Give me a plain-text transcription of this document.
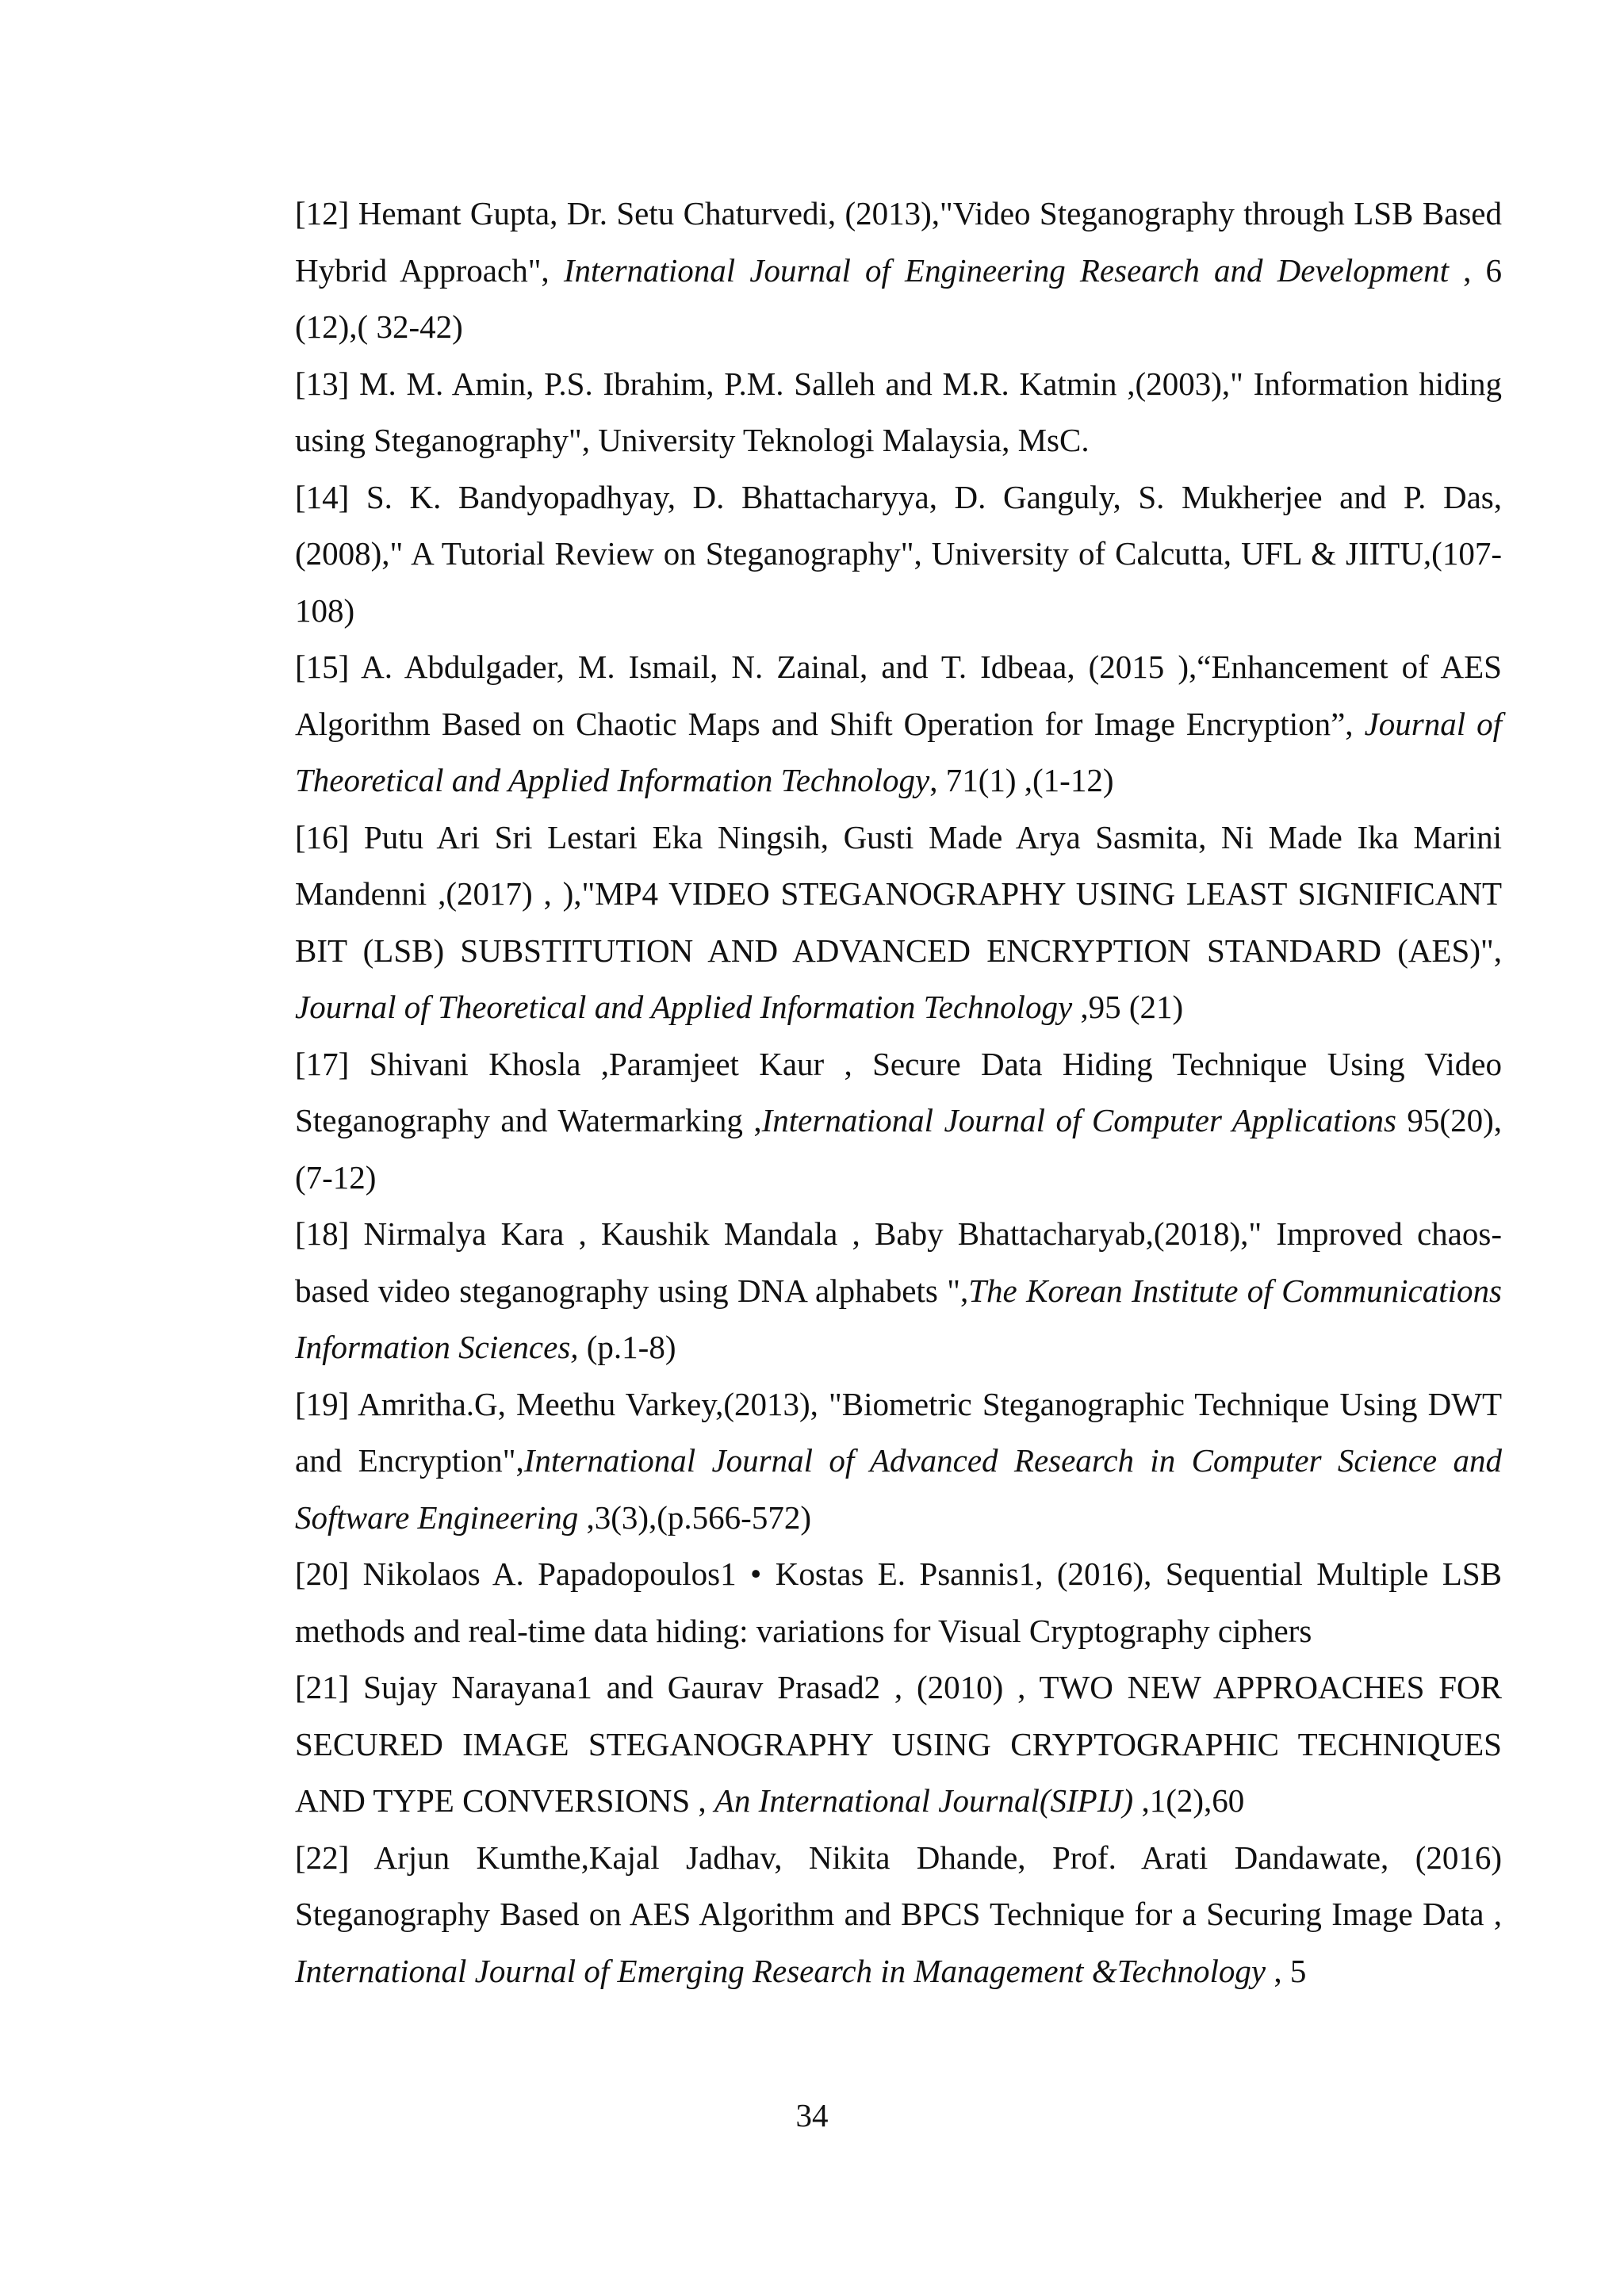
[12] Hemant Gupta, Dr. Setu Chaturvedi, (2013),"Video Steganography through LSB Based Hybrid Approach", International Journal of Engineering Research and Development , 6 (12),( 32-42)

[13] M. M. Amin, P.S. Ibrahim, P.M. Salleh and M.R. Katmin ,(2003)," Information hiding using Steganography", University Teknologi Malaysia, MsC.

[14] S. K. Bandyopadhyay, D. Bhattacharyya, D. Ganguly, S. Mukherjee and P. Das, (2008)," A Tutorial Review on Steganography", University of Calcutta, UFL & JIITU,(107-108)

[15] A. Abdulgader, M. Ismail, N. Zainal, and T. Idbeaa, (2015 ),“Enhancement of AES Algorithm Based on Chaotic Maps and Shift Operation for Image Encryption”, Journal of Theoretical and Applied Information Technology, 71(1) ,(1-12)

[16] Putu Ari Sri Lestari Eka Ningsih, Gusti Made Arya Sasmita, Ni Made Ika Marini Mandenni ,(2017) , ),"MP4 VIDEO STEGANOGRAPHY USING LEAST SIGNIFICANT BIT (LSB) SUBSTITUTION AND ADVANCED ENCRYPTION STANDARD (AES)", Journal of Theoretical and Applied Information Technology ,95 (21)

[17] Shivani Khosla ,Paramjeet Kaur , Secure Data Hiding Technique Using Video Steganography and Watermarking ,International Journal of Computer Applications 95(20),(7-12)

[18] Nirmalya Kara , Kaushik Mandala , Baby Bhattacharyab,(2018)," Improved chaos-based video steganography using DNA alphabets ",The Korean Institute of Communications Information Sciences, (p.1-8)

[19] Amritha.G, Meethu Varkey,(2013), "Biometric Steganographic Technique Using DWT and Encryption",International Journal of Advanced Research in Computer Science and Software Engineering ,3(3),(p.566-572)

[20] Nikolaos A. Papadopoulos1 • Kostas E. Psannis1, (2016), Sequential Multiple LSB methods and real-time data hiding: variations for Visual Cryptography ciphers

[21] Sujay Narayana1 and Gaurav Prasad2 , (2010) , TWO NEW APPROACHES FOR SECURED IMAGE STEGANOGRAPHY USING CRYPTOGRAPHIC TECHNIQUES AND TYPE CONVERSIONS , An International Journal(SIPIJ) ,1(2),60

[22] Arjun Kumthe,Kajal Jadhav, Nikita Dhande, Prof. Arati Dandawate, (2016) Steganography Based on AES Algorithm and BPCS Technique for a Securing Image Data , International Journal of Emerging Research in Management &Technology , 5

34
